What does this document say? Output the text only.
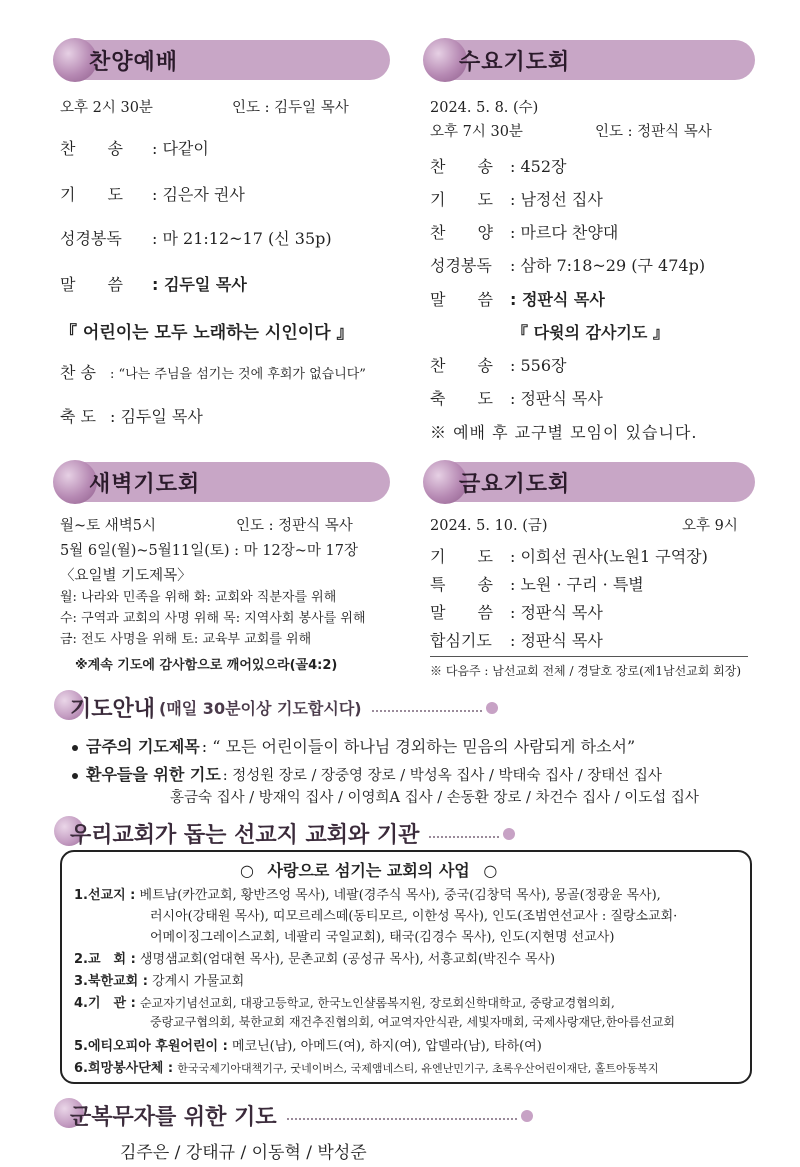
찬양예배
오후 2시 30분	인도 : 김두일 목사
찬　　송 : 다같이
기　　도 : 김은자 권사
성경봉독 : 마 21:12~17 (신 35p)
말　　씀 : 김두일 목사
『 어린이는 모두 노래하는 시인이다 』
찬 송 : “나는 주님을 섬기는 것에 후회가 없습니다”
축 도 : 김두일 목사
수요기도회
2024. 5. 8. (수)
오후 7시 30분	인도 : 정판식 목사
찬　　송 : 452장
기　　도 : 남정선 집사
찬　　양 : 마르다 찬양대
성경봉독 : 삼하 7:18~29 (구 474p)
말　　씀 : 정판식 목사
『 다윗의 감사기도 』
찬　　송 : 556장
축　　도 : 정판식 목사
※ 예배 후 교구별 모임이 있습니다.
새벽기도회
월~토 새벽5시	인도 : 정판식 목사
5월 6일(월)~5월11일(토) : 마 12장~마 17장
〈요일별 기도제목〉
월: 나라와 민족을 위해 화: 교회와 직분자를 위해
수: 구역과 교회의 사명 위해 목: 지역사회 봉사를 위해
금: 전도 사명을 위해 토: 교육부 교회를 위해
※계속 기도에 감사함으로 깨어있으라(골4:2)
금요기도회
2024. 5. 10. (금)	오후 9시
기　　도 : 이희선 권사(노원1 구역장)
특　　송 : 노원 · 구리 · 특별
말　　씀 : 정판식 목사
합심기도 : 정판식 목사
※ 다음주 : 남선교회 전체 / 경달호 장로(제1남선교회 회장)
기도안내 (매일 30분이상 기도합시다)
금주의 기도제목 : “ 모든 어린이들이 하나님 경외하는 믿음의 사람되게 하소서”
환우들을 위한 기도 : 정성원 장로 / 장중영 장로 / 박성옥 집사 / 박태숙 집사 / 장태선 집사
홍금숙 집사 / 방재익 집사 / 이영희A 집사 / 손동환 장로 / 차건수 집사 / 이도섭 집사
우리교회가 돕는 선교지 교회와 기관
○ 사랑으로 섬기는 교회의 사업 ○
1.선교지 : 베트남(카깐교회, 황반즈엉 목사), 네팔(경주식 목사), 중국(김창덕 목사), 몽골(정광윤 목사),
러시아(강태원 목사), 띠모르레스떼(동티모르, 이한성 목사), 인도(조범연선교사 : 질랑소교회·
어메이징그레이스교회, 네팔리 국일교회), 태국(김경수 목사), 인도(지현명 선교사)
2.교　회 : 생명샘교회(엄대현 목사), 문촌교회 (공성규 목사), 서흥교회(박진수 목사)
3.북한교회 : 강계시 가물교회
4.기　관 : 순교자기념선교회, 대광고등학교, 한국노인샬롬복지원, 장로회신학대학교, 중랑교경협의회,
중랑교구협의회, 북한교회 재건추진협의회, 여교역자안식관, 세빛자매회, 국제사랑재단,한아름선교회
5.에티오피아 후원어린이 : 메코닌(남), 아메드(여), 하지(여), 압델라(남), 타하(여)
6.희망봉사단체 : 한국국제기아대책기구, 굿네이버스, 국제앰네스티, 유엔난민기구, 초록우산어린이재단, 홀트아동복지
군복무자를 위한 기도
김주은 / 강태규 / 이동혁 / 박성준
